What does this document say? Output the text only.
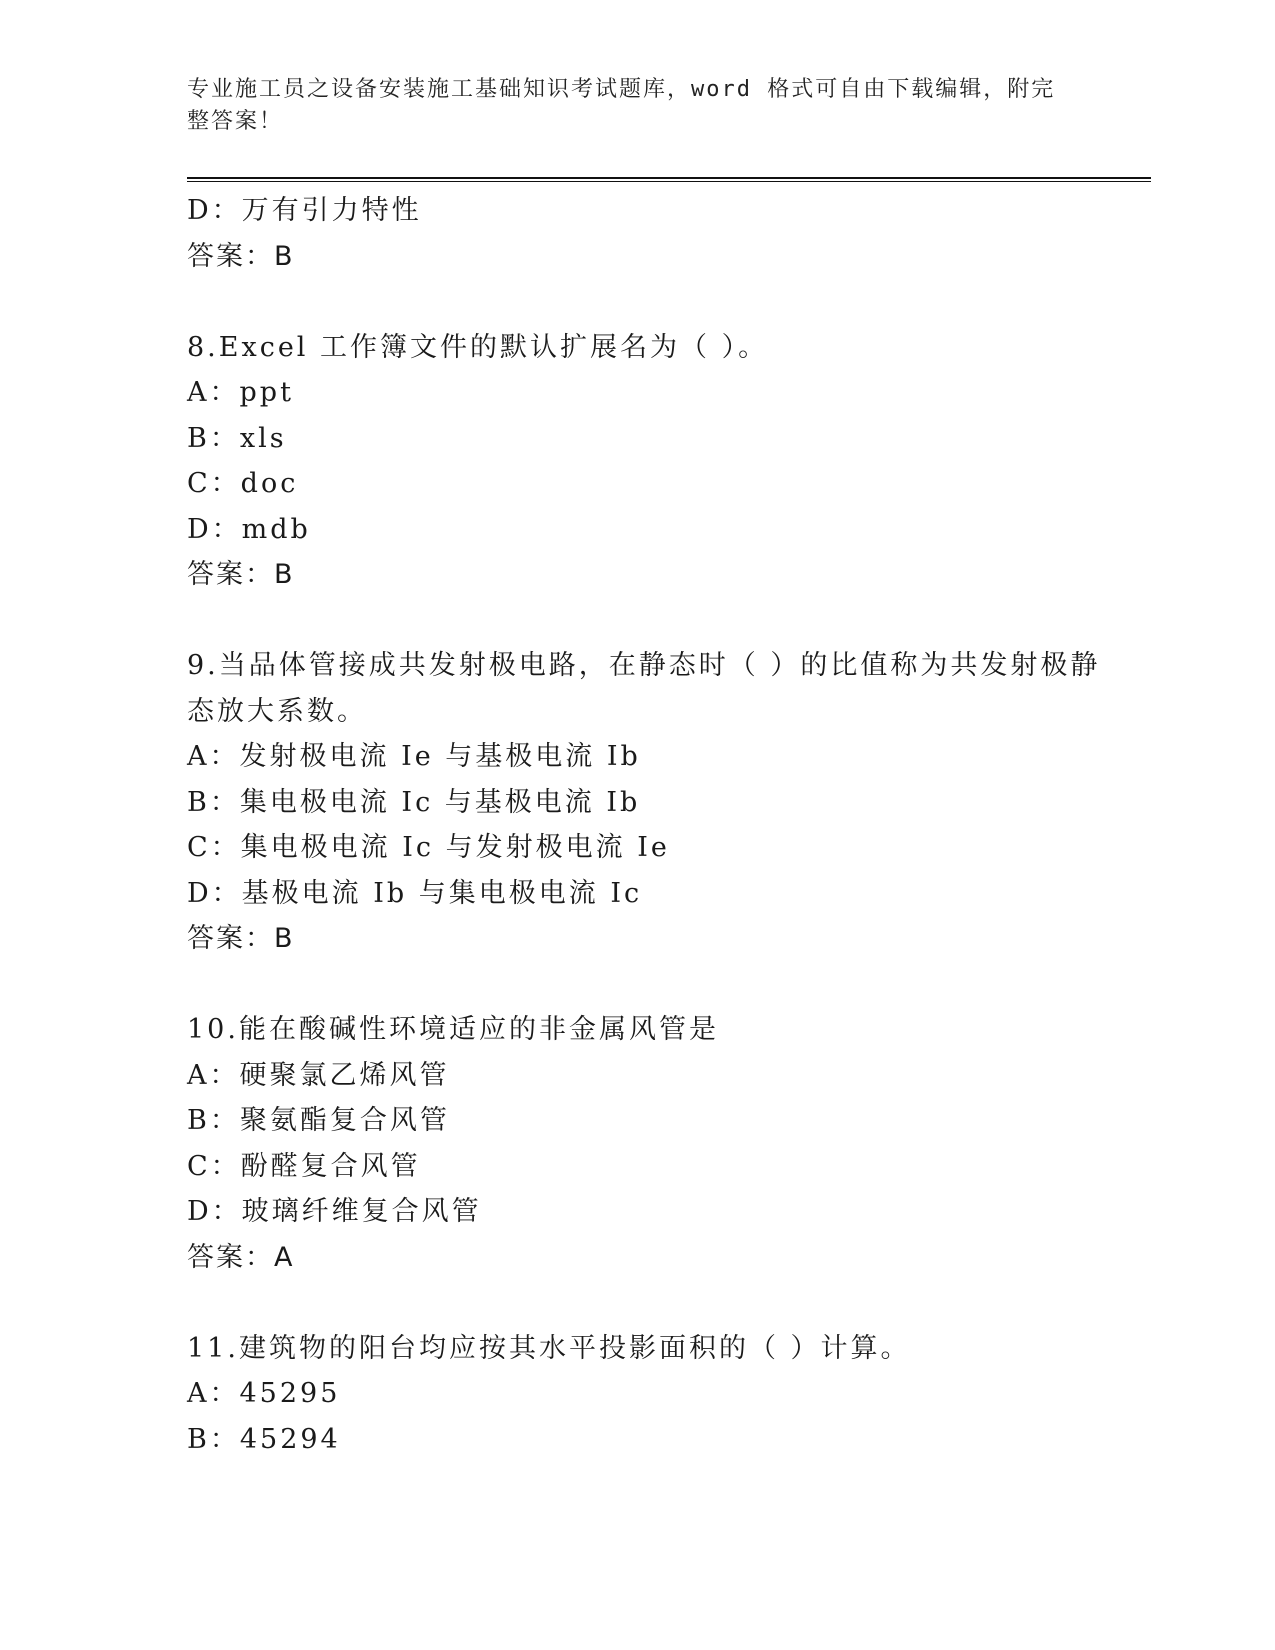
专业施工员之设备安装施工基础知识考试题库，word 格式可自由下载编辑，附完
整答案！
D：万有引力特性
答案：B
8.Excel 工作簿文件的默认扩展名为（ ）。
A：ppt
B：xls
C：doc
D：mdb
答案：B
9.当品体管接成共发射极电路，在静态时（ ）的比值称为共发射极静
态放大系数。
A：发射极电流 Ie 与基极电流 Ib
B：集电极电流 Ic 与基极电流 Ib
C：集电极电流 Ic 与发射极电流 Ie
D：基极电流 Ib 与集电极电流 Ic
答案：B
10.能在酸碱性环境适应的非金属风管是
A：硬聚氯乙烯风管
B：聚氨酯复合风管
C：酚醛复合风管
D：玻璃纤维复合风管
答案：A
11.建筑物的阳台均应按其水平投影面积的（ ）计算。
A：45295
B：45294
